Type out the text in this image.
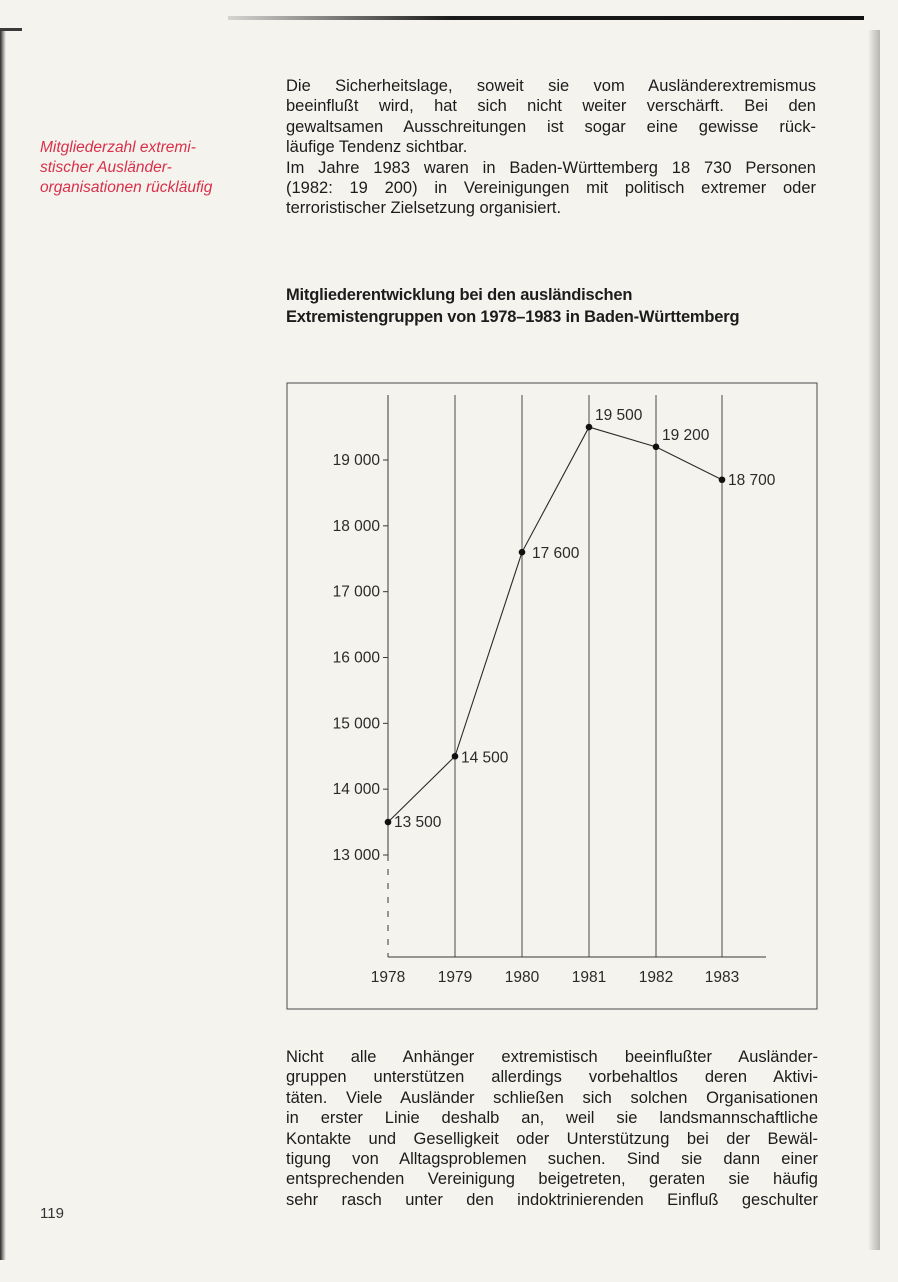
Mitgliederzahl extremi-
stischer Ausländer-
organisationen rückläufig
Die Sicherheitslage, soweit sie vom Ausländerextremismus
beeinflußt wird, hat sich nicht weiter verschärft. Bei den
gewaltsamen Ausschreitungen ist sogar eine gewisse rück-
läufige Tendenz sichtbar.
Im Jahre 1983 waren in Baden-Württemberg 18 730 Personen
(1982: 19 200) in Vereinigungen mit politisch extremer oder
terroristischer Zielsetzung organisiert.
Mitgliederentwicklung bei den ausländischen
Extremistengruppen von 1978–1983 in Baden-Württemberg
13 000
14 000
15 000
16 000
17 000
18 000
19 000
1978 1979 1980 1981 1982 1983
13 500
14 500
17 600
19 500
19 200
18 700
Nicht alle Anhänger extremistisch beeinflußter Ausländer-
gruppen unterstützen allerdings vorbehaltlos deren Aktivi-
täten. Viele Ausländer schließen sich solchen Organisationen
in erster Linie deshalb an, weil sie landsmannschaftliche
Kontakte und Geselligkeit oder Unterstützung bei der Bewäl-
tigung von Alltagsproblemen suchen. Sind sie dann einer
entsprechenden Vereinigung beigetreten, geraten sie häufig
sehr rasch unter den indoktrinierenden Einfluß geschulter
119
